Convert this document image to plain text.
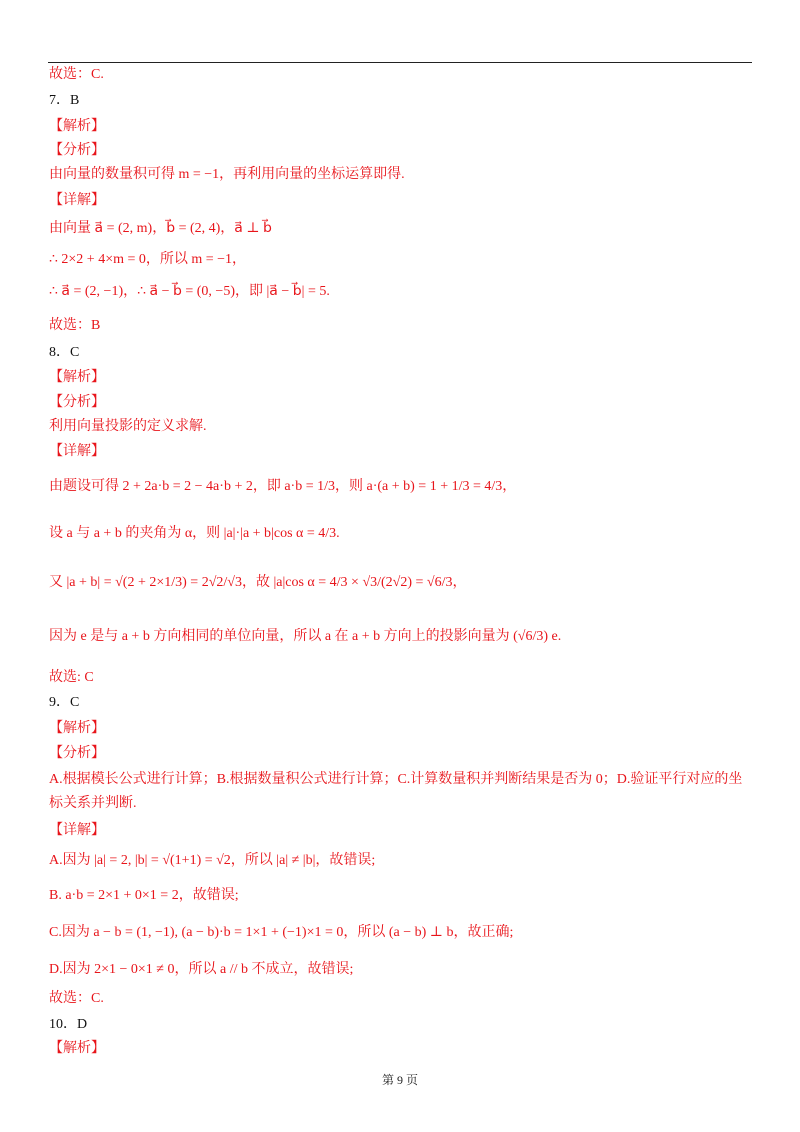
故选：C.
7．B
【解析】
【分析】
由向量的数量积可得 m = −1，再利用向量的坐标运算即得.
【详解】
由向量 a⃗ = (2, m)，b⃗ = (2, 4)，a⃗ ⊥ b⃗
∴ 2×2 + 4×m = 0，所以 m = −1，
∴ a⃗ = (2, −1)，∴ a⃗ − b⃗ = (0, −5)，即 |a⃗ − b⃗| = 5.
故选：B
8．C
【解析】
【分析】
利用向量投影的定义求解.
【详解】
由题设可得 2 + 2a·b = 2 − 4a·b + 2，即 a·b = 1/3，则 a·(a + b) = 1 + 1/3 = 4/3，
设 a 与 a + b 的夹角为 α，则 |a|·|a + b|cos α = 4/3.
又 |a + b| = √(2 + 2×1/3) = 2√2/√3，故 |a|cos α = 4/3 × √3/(2√2) = √6/3，
因为 e 是与 a + b 方向相同的单位向量，所以 a 在 a + b 方向上的投影向量为 (√6/3) e.
故选: C
9．C
【解析】
【分析】
A.根据模长公式进行计算；B.根据数量积公式进行计算；C.计算数量积并判断结果是否为 0；D.验证平行对应的坐
标关系并判断.
【详解】
A.因为 |a| = 2, |b| = √(1+1) = √2，所以 |a| ≠ |b|，故错误;
B. a·b = 2×1 + 0×1 = 2，故错误;
C.因为 a − b = (1, −1), (a − b)·b = 1×1 + (−1)×1 = 0，所以 (a − b) ⊥ b，故正确;
D.因为 2×1 − 0×1 ≠ 0，所以 a // b 不成立，故错误;
故选：C.
10．D
【解析】
第 9 页
